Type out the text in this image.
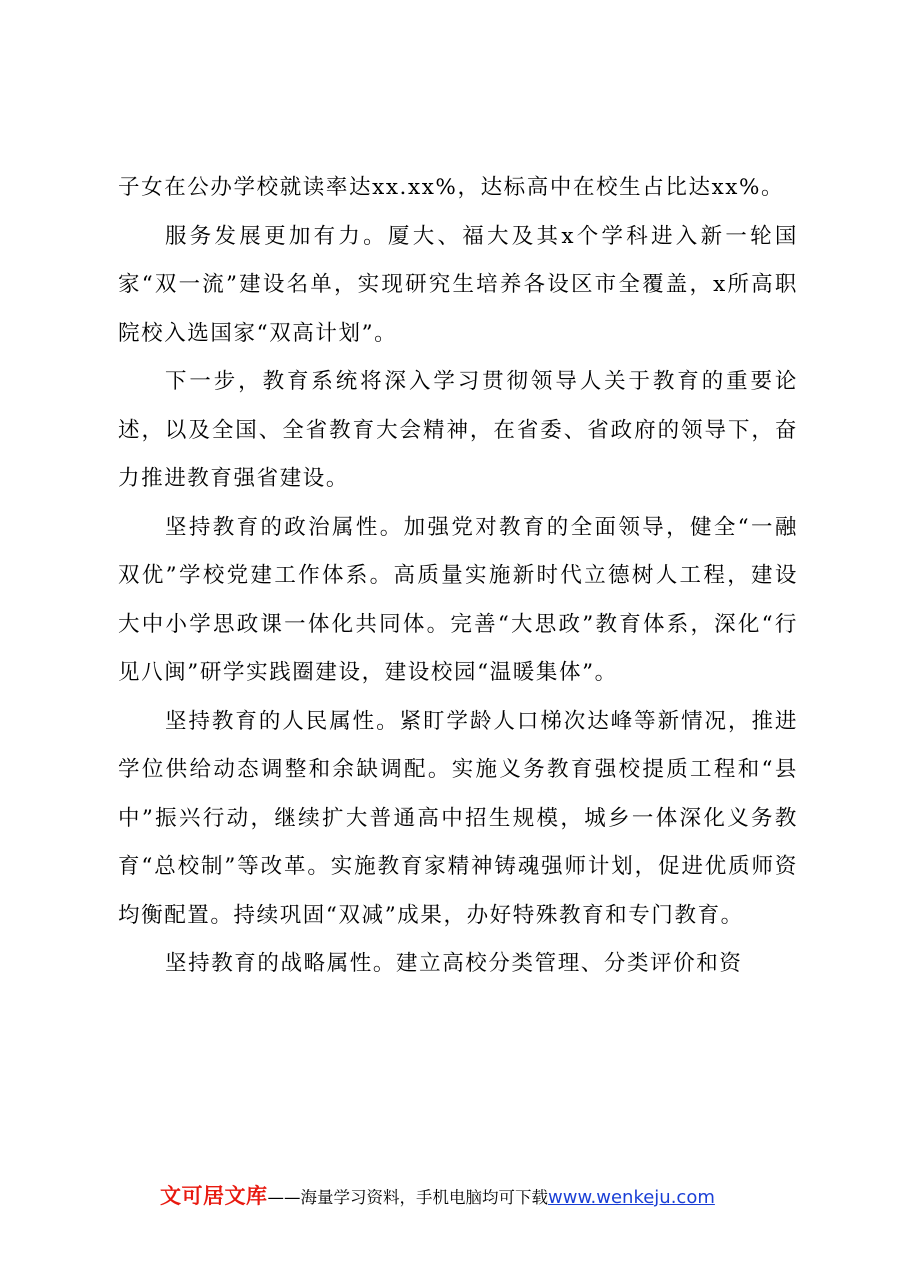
子女在公办学校就读率达xx.xx%，达标高中在校生占比达xx%。

服务发展更加有力。厦大、福大及其x个学科进入新一轮国家“双一流”建设名单，实现研究生培养各设区市全覆盖，x所高职院校入选国家“双高计划”。

下一步，教育系统将深入学习贯彻领导人关于教育的重要论述，以及全国、全省教育大会精神，在省委、省政府的领导下，奋力推进教育强省建设。

坚持教育的政治属性。加强党对教育的全面领导，健全“一融双优”学校党建工作体系。高质量实施新时代立德树人工程，建设大中小学思政课一体化共同体。完善“大思政”教育体系，深化“行见八闽”研学实践圈建设，建设校园“温暖集体”。

坚持教育的人民属性。紧盯学龄人口梯次达峰等新情况，推进学位供给动态调整和余缺调配。实施义务教育强校提质工程和“县中”振兴行动，继续扩大普通高中招生规模，城乡一体深化义务教育“总校制”等改革。实施教育家精神铸魂强师计划，促进优质师资均衡配置。持续巩固“双减”成果，办好特殊教育和专门教育。

坚持教育的战略属性。建立高校分类管理、分类评价和资

文可居文库 ——海量学习资料，手机电脑均可下载 www.wenkeju.com
